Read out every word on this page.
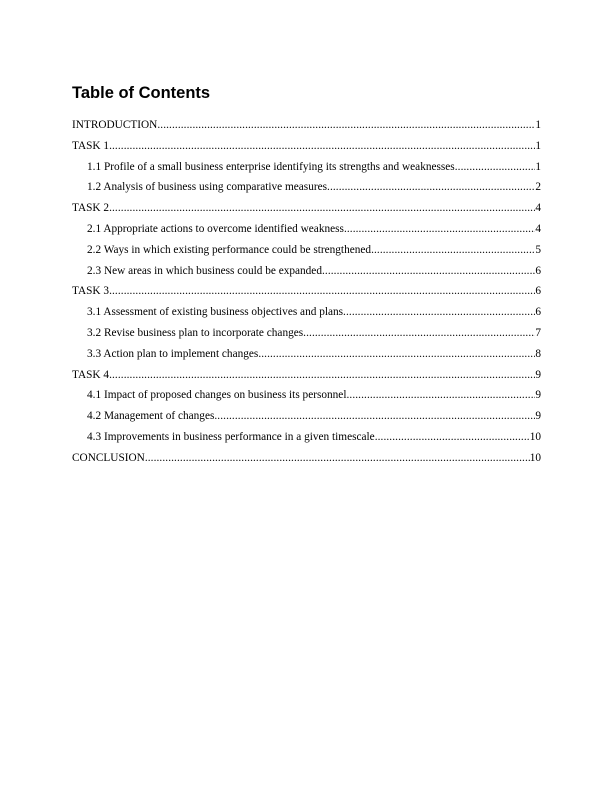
Table of Contents
INTRODUCTION .....	1
TASK 1 .....	1
1.1 Profile of a small business enterprise identifying its strengths and weaknesses .....	1
1.2 Analysis of business using comparative measures .....	2
TASK 2 .....	4
2.1 Appropriate actions to overcome identified weakness .....	4
2.2 Ways in which existing performance could be strengthened .....	5
2.3 New areas in which business could be expanded .....	6
TASK 3 .....	6
3.1 Assessment of existing business objectives and plans .....	6
3.2 Revise business plan to incorporate changes .....	7
3.3 Action plan to implement changes .....	8
TASK 4 .....	9
4.1 Impact of proposed changes on business its personnel .....	9
4.2 Management of changes .....	9
4.3 Improvements in business performance in a given timescale .....	10
CONCLUSION .....	10
